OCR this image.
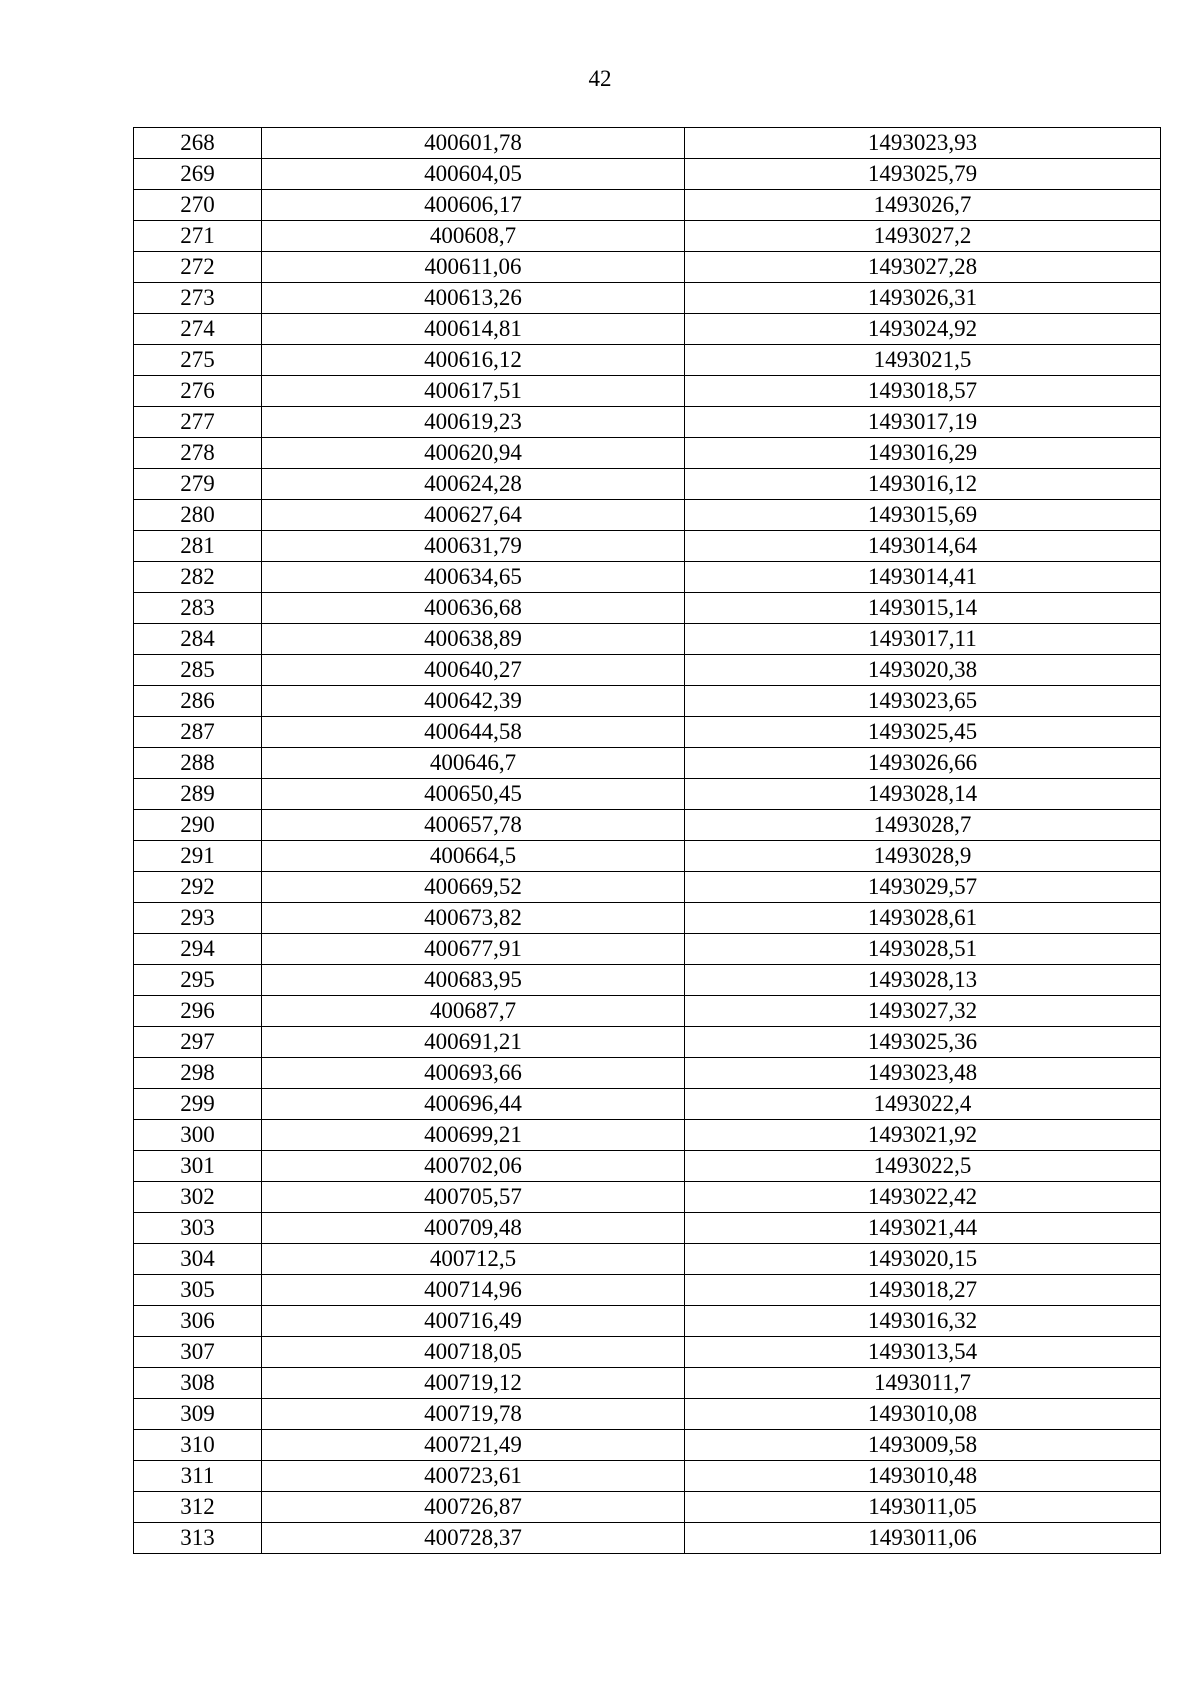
42
268	400601,78	1493023,93
269	400604,05	1493025,79
270	400606,17	1493026,7
271	400608,7	1493027,2
272	400611,06	1493027,28
273	400613,26	1493026,31
274	400614,81	1493024,92
275	400616,12	1493021,5
276	400617,51	1493018,57
277	400619,23	1493017,19
278	400620,94	1493016,29
279	400624,28	1493016,12
280	400627,64	1493015,69
281	400631,79	1493014,64
282	400634,65	1493014,41
283	400636,68	1493015,14
284	400638,89	1493017,11
285	400640,27	1493020,38
286	400642,39	1493023,65
287	400644,58	1493025,45
288	400646,7	1493026,66
289	400650,45	1493028,14
290	400657,78	1493028,7
291	400664,5	1493028,9
292	400669,52	1493029,57
293	400673,82	1493028,61
294	400677,91	1493028,51
295	400683,95	1493028,13
296	400687,7	1493027,32
297	400691,21	1493025,36
298	400693,66	1493023,48
299	400696,44	1493022,4
300	400699,21	1493021,92
301	400702,06	1493022,5
302	400705,57	1493022,42
303	400709,48	1493021,44
304	400712,5	1493020,15
305	400714,96	1493018,27
306	400716,49	1493016,32
307	400718,05	1493013,54
308	400719,12	1493011,7
309	400719,78	1493010,08
310	400721,49	1493009,58
311	400723,61	1493010,48
312	400726,87	1493011,05
313	400728,37	1493011,06
